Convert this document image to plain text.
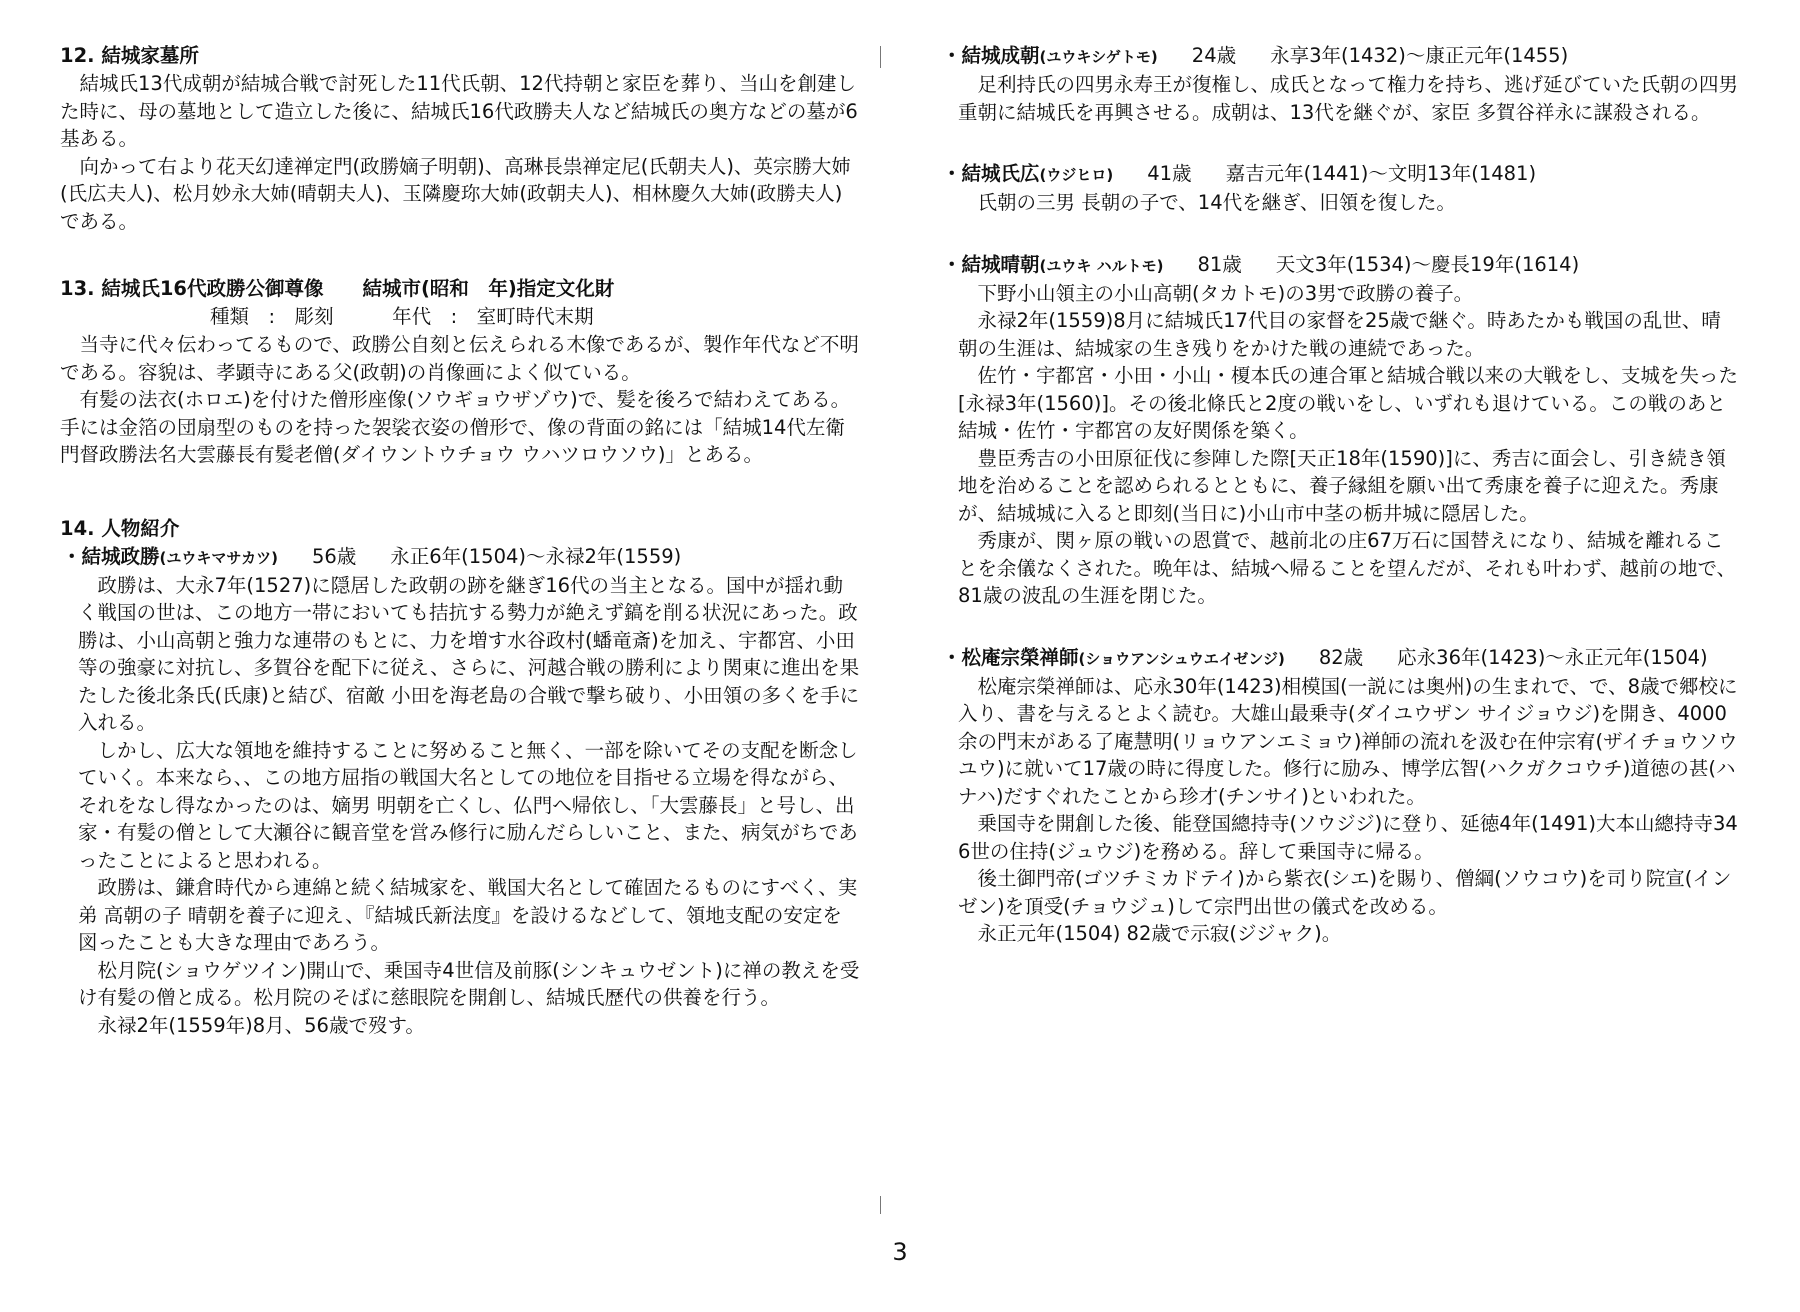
12. 結城家墓所

結城氏13代成朝が結城合戦で討死した11代氏朝、12代持朝と家臣を葬り、当山を創建した時に、母の墓地として造立した後に、結城氏16代政勝夫人など結城氏の奥方などの墓が6基ある。

向かって右より花天幻達禅定門(政勝嫡子明朝)、高琳長祟禅定尼(氏朝夫人)、英宗勝大姉(氏広夫人)、松月妙永大姉(晴朝夫人)、玉隣慶珎大姉(政朝夫人)、相林慶久大姉(政勝夫人)である。

13. 結城氏16代政勝公御尊像　　結城市(昭和　年)指定文化財
種類　:　彫刻　　　年代　:　室町時代末期

当寺に代々伝わってるもので、政勝公自刻と伝えられる木像であるが、製作年代など不明である。容貌は、孝顕寺にある父(政朝)の肖像画によく似ている。

有髪の法衣(ホロエ)を付けた僧形座像(ソウギョウザゾウ)で、髪を後ろで結わえてある。手には金箔の団扇型のものを持った袈裟衣姿の僧形で、像の背面の銘には「結城14代左衛門督政勝法名大雲藤長有髪老僧(ダイウントウチョウ ウハツロウソウ)」とある。

14. 人物紹介
・結城政勝(ユウキマサカツ) 56歳 永正6年(1504)～永禄2年(1559)

政勝は、大永7年(1527)に隠居した政朝の跡を継ぎ16代の当主となる。国中が揺れ動く戦国の世は、この地方一帯においても拮抗する勢力が絶えず鎬を削る状況にあった。政勝は、小山高朝と強力な連帯のもとに、力を増す水谷政村(蟠竜斎)を加え、宇都宮、小田等の強豪に対抗し、多賀谷を配下に従え、さらに、河越合戦の勝利により関東に進出を果たした後北条氏(氏康)と結び、宿敵 小田を海老島の合戦で撃ち破り、小田領の多くを手に入れる。

しかし、広大な領地を維持することに努めること無く、一部を除いてその支配を断念していく。本来なら、、この地方屈指の戦国大名としての地位を目指せる立場を得ながら、それをなし得なかったのは、嫡男 明朝を亡くし、仏門へ帰依し、「大雲藤長」と号し、出家・有髪の僧として大瀬谷に観音堂を営み修行に励んだらしいこと、また、病気がちであったことによると思われる。

政勝は、鎌倉時代から連綿と続く結城家を、戦国大名として確固たるものにすべく、実弟 高朝の子 晴朝を養子に迎え、『結城氏新法度』を設けるなどして、領地支配の安定を図ったことも大きな理由であろう。

松月院(ショウゲツイン)開山で、乗国寺4世信及前豚(シンキュウゼント)に禅の教えを受け有髪の僧と成る。松月院のそばに慈眼院を開創し、結城氏歴代の供養を行う。

永禄2年(1559年)8月、56歳で歿す。

・結城成朝(ユウキシゲトモ) 24歳 永享3年(1432)～康正元年(1455)

足利持氏の四男永寿王が復権し、成氏となって権力を持ち、逃げ延びていた氏朝の四男重朝に結城氏を再興させる。成朝は、13代を継ぐが、家臣 多賀谷祥永に謀殺される。

・結城氏広(ウジヒロ) 41歳 嘉吉元年(1441)～文明13年(1481)

氏朝の三男 長朝の子で、14代を継ぎ、旧領を復した。

・結城晴朝(ユウキ ハルトモ) 81歳 天文3年(1534)～慶長19年(1614)

下野小山領主の小山高朝(タカトモ)の3男で政勝の養子。

永禄2年(1559)8月に結城氏17代目の家督を25歳で継ぐ。時あたかも戦国の乱世、晴朝の生涯は、結城家の生き残りをかけた戦の連続であった。

佐竹・宇都宮・小田・小山・榎本氏の連合軍と結城合戦以来の大戦をし、支城を失った[永禄3年(1560)]。その後北條氏と2度の戦いをし、いずれも退けている。この戦のあと結城・佐竹・宇都宮の友好関係を築く。

豊臣秀吉の小田原征伐に参陣した際[天正18年(1590)]に、秀吉に面会し、引き続き領地を治めることを認められるとともに、養子縁組を願い出て秀康を養子に迎えた。秀康が、結城城に入ると即刻(当日に)小山市中茎の栃井城に隠居した。

秀康が、関ヶ原の戦いの恩賞で、越前北の庄67万石に国替えになり、結城を離れることを余儀なくされた。晩年は、結城へ帰ることを望んだが、それも叶わず、越前の地で、81歳の波乱の生涯を閉じた。

・松庵宗榮禅師(ショウアンシュウエイゼンジ) 82歳 応永36年(1423)～永正元年(1504)

松庵宗榮禅師は、応永30年(1423)相模国(一説には奥州)の生まれで、で、8歳で郷校に入り、書を与えるとよく読む。大雄山最乗寺(ダイユウザン サイジョウジ)を開き、4000余の門末がある了庵慧明(リョウアンエミョウ)禅師の流れを汲む在仲宗宥(ザイチョウソウユウ)に就いて17歳の時に得度した。修行に励み、博学広智(ハクガクコウチ)道徳の甚(ハナハ)だすぐれたことから珍才(チンサイ)といわれた。

乗国寺を開創した後、能登国總持寺(ソウジジ)に登り、延徳4年(1491)大本山總持寺346世の住持(ジュウジ)を務める。辞して乗国寺に帰る。

後土御門帝(ゴツチミカドテイ)から紫衣(シエ)を賜り、僧綱(ソウコウ)を司り院宣(インゼン)を頂受(チョウジュ)して宗門出世の儀式を改める。

永正元年(1504) 82歳で示寂(ジジャク)。

3
